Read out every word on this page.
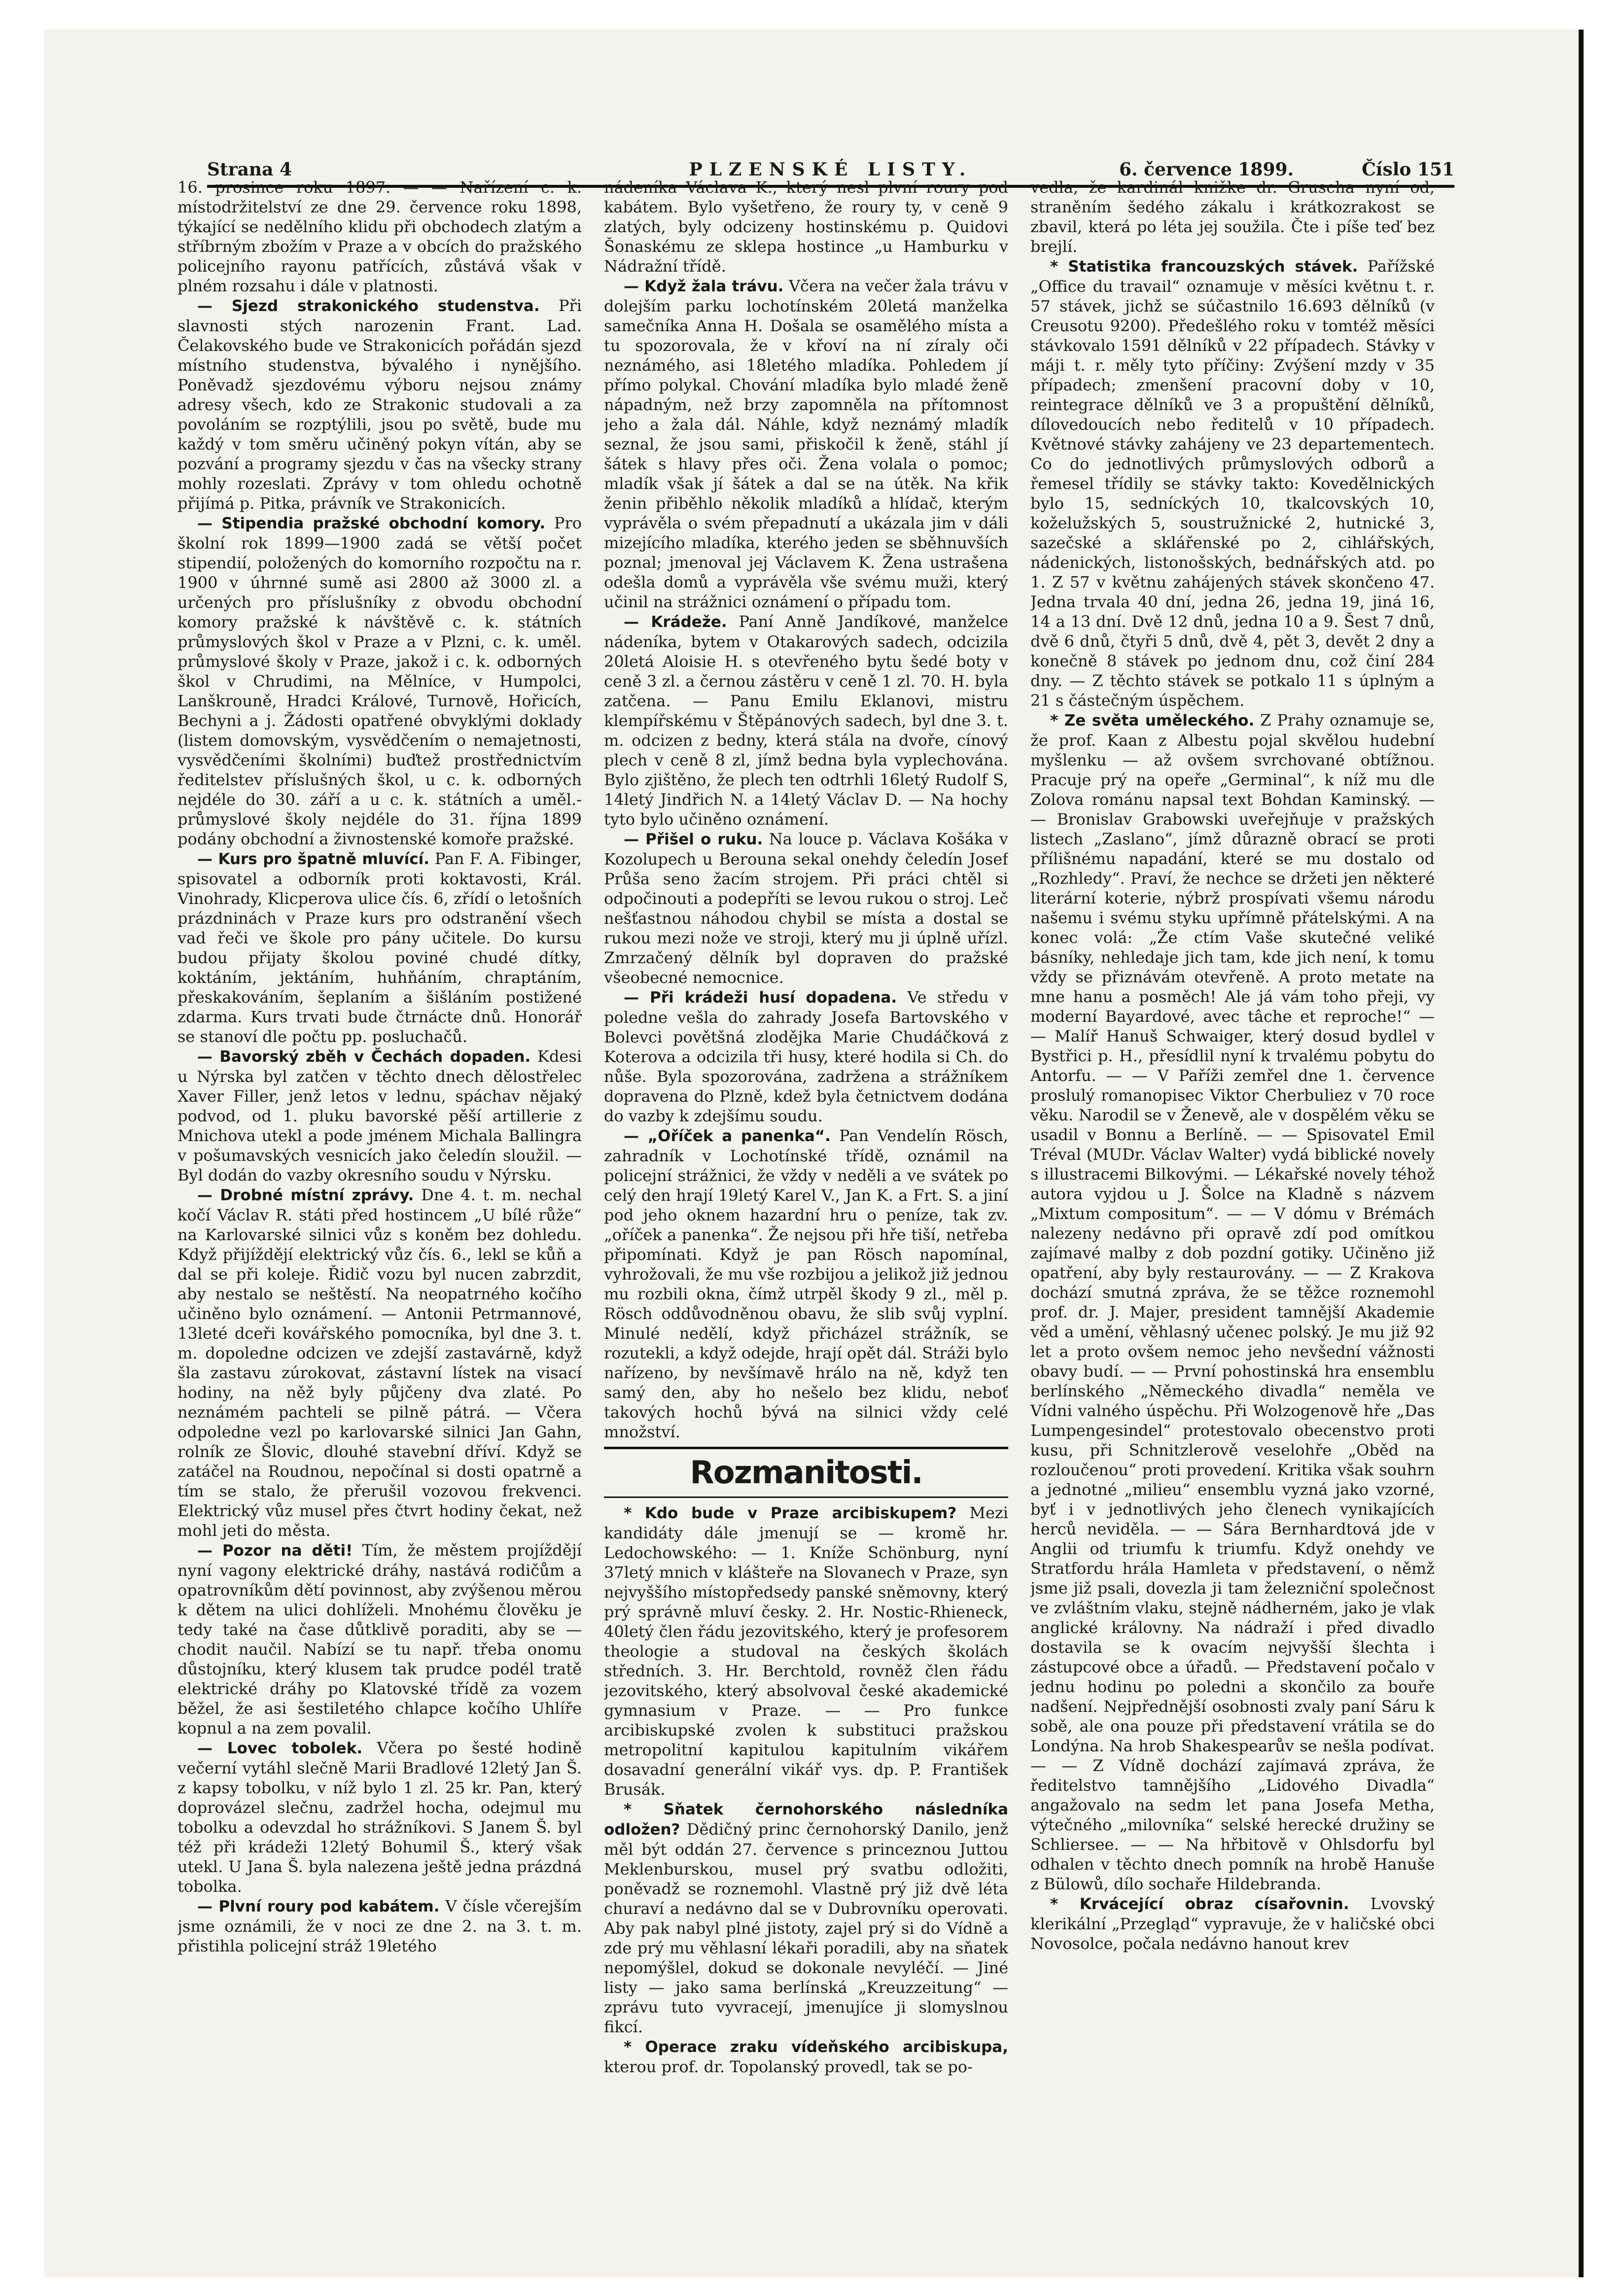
PLZENSKÉ LISTY.
Strana 4	6. července 1899.	Číslo 151

16. prosince roku 1897. — — Nařízení c. k. místodržitelství ze dne 29. července roku 1898, týkající se nedělního klidu při obchodech zlatým a stříbrným zbožím v Praze a v obcích do pražského policejního rayonu patřících, zůstává však v plném rozsahu i dále v platnosti.

— Sjezd strakonického studenstva. Při slavnosti stých narozenin Frant. Lad. Čelakovského bude ve Strakonicích pořádán sjezd místního studenstva, bývalého i nynějšího. Poněvadž sjezdovému výboru nejsou známy adresy všech, kdo ze Strakonic studovali a za povoláním se rozptýlili, jsou po světě, bude mu každý v tom směru učiněný pokyn vítán, aby se pozvání a programy sjezdu v čas na všecky strany mohly rozeslati. Zprávy v tom ohledu ochotně přijímá p. Pitka, právník ve Strakonicích.

— Stipendia pražské obchodní komory. Pro školní rok 1899—1900 zadá se větší počet stipendií, položených do komorního rozpočtu na r. 1900 v úhrnné sumě asi 2800 až 3000 zl. a určených pro příslušníky z obvodu obchodní komory pražské k návštěvě c. k. státních průmyslových škol v Praze a v Plzni, c. k. uměl. průmyslové školy v Praze, jakož i c. k. odborných škol v Chrudimi, na Mělníce, v Humpolci, Lanškrouně, Hradci Králové, Turnově, Hořicích, Bechyni a j. Žádosti opatřené obvyklými doklady (listem domovským, vysvědčením o nemajetnosti, vysvědčeními školními) buďtež prostřednictvím ředitelstev příslušných škol, u c. k. odborných nejdéle do 30. září a u c. k. státních a uměl.-průmyslové školy nejdéle do 31. října 1899 podány obchodní a živnostenské komoře pražské.

— Kurs pro špatně mluvící. Pan F. A. Fibinger, spisovatel a odborník proti koktavosti, Král. Vinohrady, Klicperova ulice čís. 6, zřídí o letošních prázdninách v Praze kurs pro odstranění všech vad řeči ve škole pro pány učitele. Do kursu budou přijaty školou poviné chudé dítky, koktáním, jektáním, huhňáním, chraptáním, přeskakováním, šeplaním a šišláním postižené zdarma. Kurs trvati bude čtrnácte dnů. Honorář se stanoví dle počtu pp. posluchačů.

— Bavorský zběh v Čechách dopaden. Kdesi u Nýrska byl zatčen v těchto dnech dělostřelec Xaver Filler, jenž letos v lednu, spáchav nějaký podvod, od 1. pluku bavorské pěší artillerie z Mnichova utekl a pode jménem Michala Ballingra v pošumavských vesnicích jako čeledín sloužil. — Byl dodán do vazby okresního soudu v Nýrsku.

— Drobné místní zprávy. Dne 4. t. m. nechal kočí Václav R. státi před hostincem „U bílé růže“ na Karlovarské silnici vůz s koněm bez dohledu. Když přijíždějí elektrický vůz čís. 6., lekl se kůň a dal se při koleje. Řidič vozu byl nucen zabrzdit, aby nestalo se neštěstí. Na neopatrného kočího učiněno bylo oznámení. — Antonii Petrmannové, 13leté dceři kovářského pomocníka, byl dne 3. t. m. dopoledne odcizen ve zdejší zastavárně, když šla zastavu zúrokovat, zástavní lístek na visací hodiny, na něž byly půjčeny dva zlaté. Po neznámém pachteli se pilně pátrá. — Včera odpoledne vezl po karlovarské silnici Jan Gahn, rolník ze Šlovic, dlouhé stavební dříví. Když se zatáčel na Roudnou, nepočínal si dosti opatrně a tím se stalo, že přerušil vozovou frekvenci. Elektrický vůz musel přes čtvrt hodiny čekat, než mohl jeti do města.

— Pozor na děti! Tím, že městem projíždějí nyní vagony elektrické dráhy, nastává rodičům a opatrovníkům dětí povinnost, aby zvýšenou měrou k dětem na ulici dohlíželi. Mnohému člověku je tedy také na čase důtklivě poraditi, aby se — chodit naučil. Nabízí se tu např. třeba onomu důstojníku, který klusem tak prudce podél tratě elektrické dráhy po Klatovské třídě za vozem běžel, že asi šestiletého chlapce kočího Uhlíře kopnul a na zem povalil.

— Lovec tobolek. Včera po šesté hodině večerní vytáhl slečně Marii Bradlové 12letý Jan Š. z kapsy tobolku, v níž bylo 1 zl. 25 kr. Pan, který doprovázel slečnu, zadržel hocha, odejmul mu tobolku a odevzdal ho strážníkovi. S Janem Š. byl též při krádeži 12letý Bohumil Š., který však utekl. U Jana Š. byla nalezena ještě jedna prázdná tobolka.

— Plvní roury pod kabátem. V čísle včerejším jsme oznámili, že v noci ze dne 2. na 3. t. m. přistihla policejní stráž 19letého

nádeníka Václava K., který nesl plvní roury pod kabátem. Bylo vyšetřeno, že roury ty, v ceně 9 zlatých, byly odcizeny hostinskému p. Quidovi Šonaskému ze sklepa hostince „u Hamburku v Nádražní třídě.

— Když žala trávu. Včera na večer žala trávu v dolejším parku lochotínském 20letá manželka samečníka Anna H. Došala se osamělého místa a tu spozorovala, že v křoví na ní zíraly oči neznámého, asi 18letého mladíka. Pohledem jí přímo polykal. Chování mladíka bylo mladé ženě nápadným, než brzy zapomněla na přítomnost jeho a žala dál. Náhle, když neznámý mladík seznal, že jsou sami, přiskočil k ženě, stáhl jí šátek s hlavy přes oči. Žena volala o pomoc; mladík však jí šátek a dal se na útěk. Na křik ženin přiběhlo několik mladíků a hlídač, kterým vyprávěla o svém přepadnutí a ukázala jim v dáli mizejícího mladíka, kterého jeden se sběhnuvších poznal; jmenoval jej Václavem K. Žena ustrašena odešla domů a vyprávěla vše svému muži, který učinil na strážnici oznámení o případu tom.

— Krádeže. Paní Anně Jandíkové, manželce nádeníka, bytem v Otakarových sadech, odcizila 20letá Aloisie H. s otevřeného bytu šedé boty v ceně 3 zl. a černou zástěru v ceně 1 zl. 70. H. byla zatčena. — Panu Emilu Eklanovi, mistru klempířskému v Štěpánových sadech, byl dne 3. t. m. odcizen z bedny, která stála na dvoře, cínový plech v ceně 8 zl, jímž bedna byla vyplechována. Bylo zjištěno, že plech ten odtrhli 16letý Rudolf S, 14letý Jindřich N. a 14letý Václav D. — Na hochy tyto bylo učiněno oznámení.

— Přišel o ruku. Na louce p. Václava Košáka v Kozolupech u Berouna sekal onehdy čeledín Josef Průša seno žacím strojem. Při práci chtěl si odpočinouti a podepříti se levou rukou o stroj. Leč nešťastnou náhodou chybil se místa a dostal se rukou mezi nože ve stroji, který mu ji úplně uřízl. Zmrzačený dělník byl dopraven do pražské všeobecné nemocnice.

— Při krádeži husí dopadena. Ve středu v poledne vešla do zahrady Josefa Bartovského v Bolevci povětšná zlodějka Marie Chudáčková z Koterova a odcizila tři husy, které hodila si Ch. do nůše. Byla spozorována, zadržena a strážníkem dopravena do Plzně, kdež byla četnictvem dodána do vazby k zdejšímu soudu.

— „Oříček a panenka“. Pan Vendelín Rösch, zahradník v Lochotínské třídě, oznámil na policejní strážnici, že vždy v neděli a ve svátek po celý den hrají 19letý Karel V., Jan K. a Frt. S. a jiní pod jeho oknem hazardní hru o peníze, tak zv. „oříček a panenka“. Že nejsou při hře tiší, netřeba připomínati. Když je pan Rösch napomínal, vyhrožovali, že mu vše rozbijou a jelikož již jednou mu rozbili okna, čímž utrpěl škody 9 zl., měl p. Rösch oddůvodněnou obavu, že slib svůj vyplní. Minulé nedělí, když přicházel strážník, se rozutekli, a když odejde, hrají opět dál. Stráži bylo nařízeno, by nevšímavě hrálo na ně, když ten samý den, aby ho nešelo bez klidu, neboť takových hochů bývá na silnici vždy celé množství.

Rozmanitosti.

* Kdo bude v Praze arcibiskupem? Mezi kandidáty dále jmenují se — kromě hr. Ledochowského: — 1. Kníže Schönburg, nyní 37letý mnich v klášteře na Slovanech v Praze, syn nejvyššího místopředsedy panské sněmovny, který prý správně mluví česky. 2. Hr. Nostic-Rhieneck, 40letý člen řádu jezovitského, který je profesorem theologie a studoval na českých školách středních. 3. Hr. Berchtold, rovněž člen řádu jezovitského, který absolvoval české akademické gymnasium v Praze. — — Pro funkce arcibiskupské zvolen k substituci pražskou metropolitní kapitulou kapitulním vikářem dosavadní generální vikář vys. dp. P. František Brusák.

* Sňatek černohorského následníka odložen? Dědičný princ černohorský Danilo, jenž měl být oddán 27. července s princeznou Juttou Meklenburskou, musel prý svatbu odložiti, poněvadž se roznemohl. Vlastně prý již dvě léta churaví a nedávno dal se v Dubrovníku operovati. Aby pak nabyl plné jistoty, zajel prý si do Vídně a zde prý mu věhlasní lékaři poradili, aby na sňatek nepomýšlel, dokud se dokonale nevyléčí. — Jiné listy — jako sama berlínská „Kreuzzeitung“ — zprávu tuto vyvracejí, jmenujíce ji slomyslnou fikcí.

* Operace zraku vídeňského arcibiskupa, kterou prof. dr. Topolanský provedl, tak se po-

vedla, že kardinál knižke dr. Gruscha nyní od, straněním šedého zákalu i krátkozrakost se zbavil, která po léta jej soužila. Čte i píše teď bez brejlí.

* Statistika francouzských stávek. Pařížské „Office du travail“ oznamuje v měsíci květnu t. r. 57 stávek, jichž se súčastnilo 16.693 dělníků (v Creusotu 9200). Předešlého roku v tomtéž měsíci stávkovalo 1591 dělníků v 22 případech. Stávky v máji t. r. měly tyto příčiny: Zvýšení mzdy v 35 případech; zmenšení pracovní doby v 10, reintegrace dělníků ve 3 a propuštění dělníků, dílovedoucích nebo ředitelů v 10 případech. Květnové stávky zahájeny ve 23 departementech. Co do jednotlivých průmyslových odborů a řemesel třídily se stávky takto: Kovedělnických bylo 15, sedníckých 10, tkalcovských 10, koželužských 5, soustružnické 2, hutnické 3, sazečské a sklářenské po 2, cihlářských, nádenických, listonošských, bednářských atd. po 1. Z 57 v květnu zahájených stávek skončeno 47. Jedna trvala 40 dní, jedna 26, jedna 19, jiná 16, 14 a 13 dní. Dvě 12 dnů, jedna 10 a 9. Šest 7 dnů, dvě 6 dnů, čtyři 5 dnů, dvě 4, pět 3, devět 2 dny a konečně 8 stávek po jednom dnu, což činí 284 dny. — Z těchto stávek se potkalo 11 s úplným a 21 s částečným úspěchem.

* Ze světa uměleckého. Z Prahy oznamuje se, že prof. Kaan z Albestu pojal skvělou hudební myšlenku — až ovšem svrchované obtížnou. Pracuje prý na opeře „Germinal“, k níž mu dle Zolova románu napsal text Bohdan Kaminský. — — Bronislav Grabowski uveřejňuje v pražských listech „Zaslano“, jímž důrazně obrací se proti přílišnému napadání, které se mu dostalo od „Rozhledy“. Praví, že nechce se držeti jen některé literární koterie, nýbrž prospívati všemu národu našemu i svému styku upřímně přátelskými. A na konec volá: „Že ctím Vaše skutečné veliké básníky, nehledaje jich tam, kde jich není, k tomu vždy se přiznávám otevřeně. A proto metate na mne hanu a posměch! Ale já vám toho přeji, vy moderní Bayardové, avec tâche et reproche!“ — — Malíř Hanuš Schwaiger, který dosud bydlel v Bystřici p. H., přesídlil nyní k trvalému pobytu do Antorfu. — — V Paříži zemřel dne 1. července proslulý romanopisec Viktor Cherbuliez v 70 roce věku. Narodil se v Ženevě, ale v dospělém věku se usadil v Bonnu a Berlíně. — — Spisovatel Emil Tréval (MUDr. Václav Walter) vydá biblické novely s illustracemi Bilkovými. — Lékařské novely téhož autora vyjdou u J. Šolce na Kladně s názvem „Mixtum compositum“. — — V dómu v Brémách nalezeny nedávno při opravě zdí pod omítkou zajímavé malby z dob pozdní gotiky. Učiněno již opatření, aby byly restaurovány. — — Z Krakova dochází smutná zpráva, že se těžce roznemohl prof. dr. J. Majer, president tamnější Akademie věd a umění, věhlasný učenec polský. Je mu již 92 let a proto ovšem nemoc jeho nevšední vážnosti obavy budí. — — První pohostinská hra ensemblu berlínského „Německého divadla“ neměla ve Vídni valného úspěchu. Při Wolzogenově hře „Das Lumpengesindel“ protestovalo obecenstvo proti kusu, při Schnitzlerově veselohře „Oběd na rozloučenou“ proti provedení. Kritika však souhrn a jednotné „milieu“ ensemblu vyzná jako vzorné, byť i v jednotlivých jeho členech vynikajících herců neviděla. — — Sára Bernhardtová jde v Anglii od triumfu k triumfu. Když onehdy ve Stratfordu hrála Hamleta v představení, o němž jsme již psali, dovezla ji tam železniční společnost ve zvláštním vlaku, stejně nádherném, jako je vlak anglické královny. Na nádraží i před divadlo dostavila se k ovacím nejvyšší šlechta i zástupcové obce a úřadů. — Představení počalo v jednu hodinu po poledni a skončilo za bouře nadšení. Nejpřednější osobnosti zvaly paní Sáru k sobě, ale ona pouze při představení vrátila se do Londýna. Na hrob Shakespearův se nešla podívat. — — Z Vídně dochází zajímavá zpráva, že ředitelstvo tamnějšího „Lidového Divadla“ angažovalo na sedm let pana Josefa Metha, výtečného „milovníka“ selské herecké družiny se Schliersee. — — Na hřbitově v Ohlsdorfu byl odhalen v těchto dnech pomník na hrobě Hanuše z Bülowů, dílo sochaře Hildebranda.

* Krvácející obraz císařovnin. Lvovský klerikální „Przegląd“ vypravuje, že v haličské obci Novosolce, počala nedávno hanout krev
